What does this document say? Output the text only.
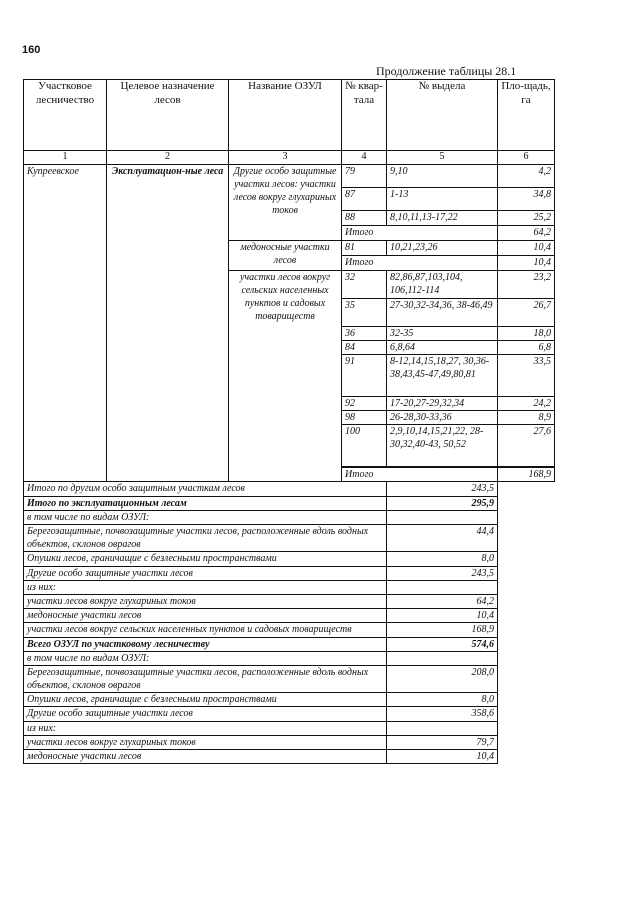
160
Продолжение таблицы 28.1
Участковое лесничество	Целевое назначение лесов	Название ОЗУЛ	№ квар-тала	№ выдела	Пло-щадь, га
1	2	3	4	5	6
Купреевское	Эксплуатацион-ные леса	Другие особо защитные участки лесов: участки лесов вокруг глухариных токов	79	9,10	4,2
			87	1-13	34,8
			88	8,10,11,13-17,22	25,2
			Итого		64,2
		медоносные участки лесов	81	10,21,23,26	10,4
			Итого		10,4
		участки лесов вокруг сельских населенных пунктов и садовых товариществ	32	82,86,87,103,104, 106,112-114	23,2
			35	27-30,32-34,36, 38-46,49	26,7
			36	32-35	18,0
			84	6,8,64	6,8
			91	8-12,14,15,18,27, 30,36-38,43,45-47,49,80,81	33,5
			92	17-20,27-29,32,34	24,2
			98	26-28,30-33,36	8,9
			100	2,9,10,14,15,21,22, 28-30,32,40-43, 50,52	27,6

			Итого		168,9
Итого по другим особо защитным участкам лесов				243,5	
Итого по эксплуатационным лесам				295,9	
в том числе по видам ОЗУЛ:					
Берегозащитные, почвозащитные участки лесов, расположенные вдоль водных объектов, склонов оврагов				44,4	
Опушки лесов, граничащие с безлесными пространствами				8,0	
Другие особо защитные участки лесов				243,5	
из них:					
участки лесов вокруг глухариных токов				64,2	
медоносные участки лесов				10,4	
участки лесов вокруг сельских населенных пунктов и садовых товариществ				168,9	
Всего ОЗУЛ по участковому лесничеству				574,6	
в том числе по видам ОЗУЛ:					
Берегозащитные, почвозащитные участки лесов, расположенные вдоль водных объектов, склонов оврагов				208,0	
Опушки лесов, граничащие с безлесными пространствами				8,0	
Другие особо защитные участки лесов				358,6	
из них:					
участки лесов вокруг глухариных токов				79,7	
медоносные участки лесов				10,4	
